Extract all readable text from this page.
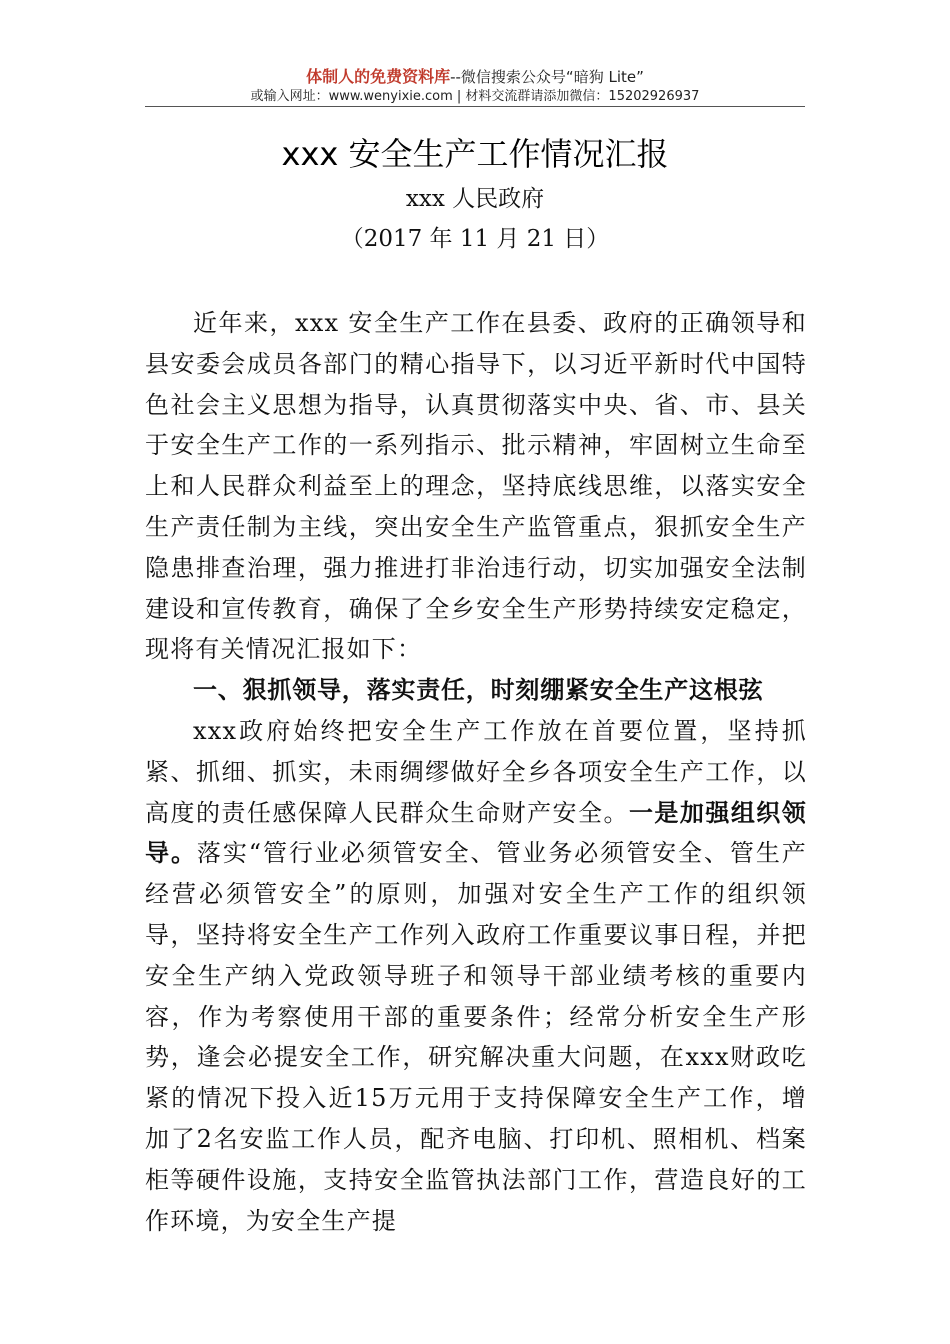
体制人的免费资料库--微信搜索公众号“暗狗 Lite”
或输入网址：www.wenyixie.com | 材料交流群请添加微信：15202926937
xxx 安全生产工作情况汇报
xxx 人民政府
（2017 年 11 月 21 日）

近年来，xxx 安全生产工作在县委、政府的正确领导和县安委会成员各部门的精心指导下，以习近平新时代中国特色社会主义思想为指导，认真贯彻落实中央、省、市、县关于安全生产工作的一系列指示、批示精神，牢固树立生命至上和人民群众利益至上的理念，坚持底线思维，以落实安全生产责任制为主线，突出安全生产监管重点，狠抓安全生产隐患排查治理，强力推进打非治违行动，切实加强安全法制建设和宣传教育，确保了全乡安全生产形势持续安定稳定，现将有关情况汇报如下：

一、狠抓领导，落实责任，时刻绷紧安全生产这根弦

xxx政府始终把安全生产工作放在首要位置，坚持抓紧、抓细、抓实，未雨绸缪做好全乡各项安全生产工作，以高度的责任感保障人民群众生命财产安全。一是加强组织领导。落实“管行业必须管安全、管业务必须管安全、管生产经营必须管安全”的原则，加强对安全生产工作的组织领导，坚持将安全生产工作列入政府工作重要议事日程，并把安全生产纳入党政领导班子和领导干部业绩考核的重要内容，作为考察使用干部的重要条件；经常分析安全生产形势，逢会必提安全工作，研究解决重大问题，在xxx财政吃紧的情况下投入近15万元用于支持保障安全生产工作，增加了2名安监工作人员，配齐电脑、打印机、照相机、档案柜等硬件设施，支持安全监管执法部门工作，营造良好的工作环境，为安全生产提
